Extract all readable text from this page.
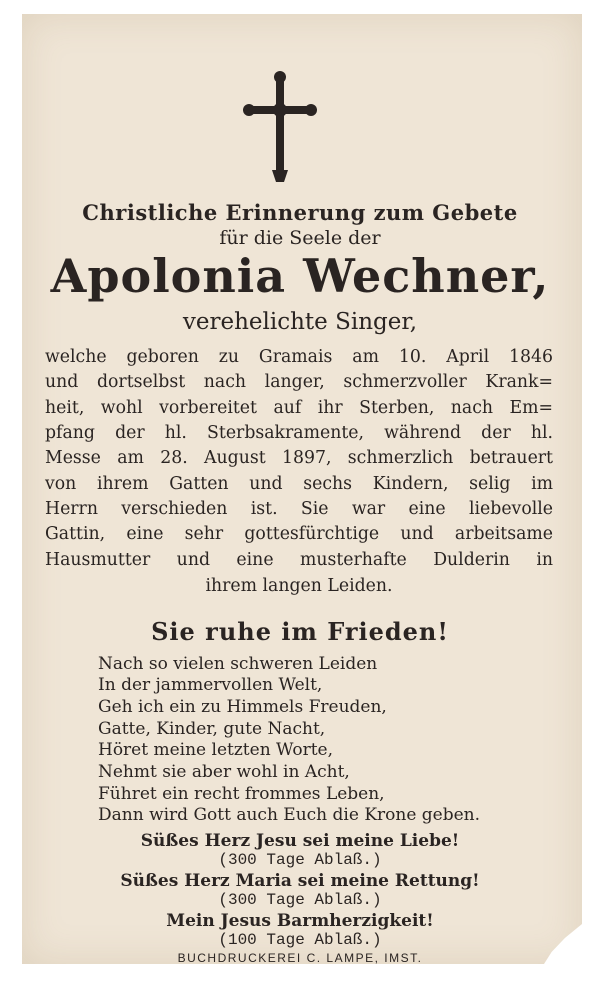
Christliche Erinnerung zum Gebete
für die Seele der
Apolonia Wechner,
verehelichte Singer,
welche geboren zu Gramais am 10. April 1846
und dortselbst nach langer, schmerzvoller Krank=
heit, wohl vorbereitet auf ihr Sterben, nach Em=
pfang der hl. Sterbsakramente, während der hl.
Messe am 28. August 1897, schmerzlich betrauert
von ihrem Gatten und sechs Kindern, selig im
Herrn verschieden ist. Sie war eine liebevolle
Gattin, eine sehr gottesfürchtige und arbeitsame
Hausmutter und eine musterhafte Dulderin in
ihrem langen Leiden.
Sie ruhe im Frieden!
Nach so vielen schweren Leiden
In der jammervollen Welt,
Geh ich ein zu Himmels Freuden,
Gatte, Kinder, gute Nacht,
Höret meine letzten Worte,
Nehmt sie aber wohl in Acht,
Führet ein recht frommes Leben,
Dann wird Gott auch Euch die Krone geben.
Süßes Herz Jesu sei meine Liebe!
(300 Tage Ablaß.)
Süßes Herz Maria sei meine Rettung!
(300 Tage Ablaß.)
Mein Jesus Barmherzigkeit!
(100 Tage Ablaß.)
BUCHDRUCKEREI C. LAMPE, IMST.
